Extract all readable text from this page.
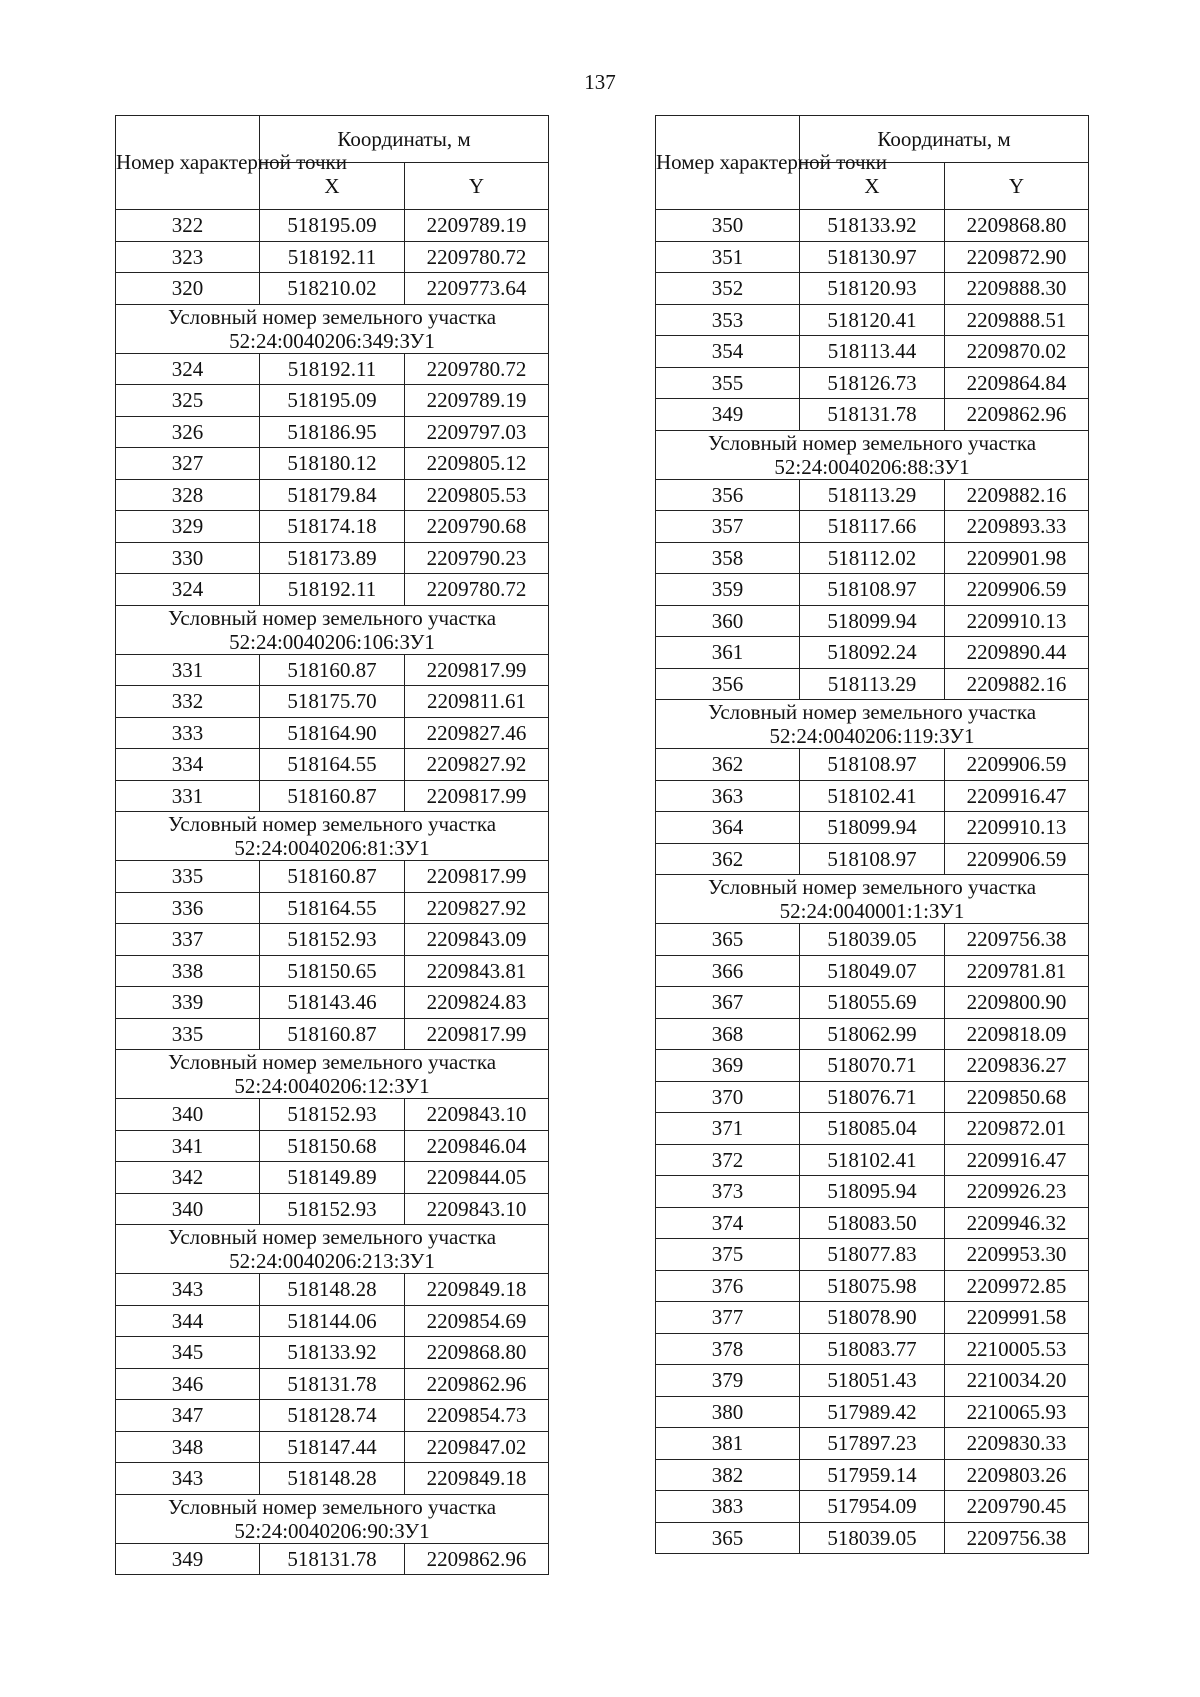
137
Номер характерной точки	Координаты, м	
	X	Y
322	518195.09	2209789.19
323	518192.11	2209780.72
320	518210.02	2209773.64

Условный номер земельного участка
52:24:0040206:349:ЗУ1		

324	518192.11	2209780.72
325	518195.09	2209789.19
326	518186.95	2209797.03
327	518180.12	2209805.12
328	518179.84	2209805.53
329	518174.18	2209790.68
330	518173.89	2209790.23
324	518192.11	2209780.72

Условный номер земельного участка
52:24:0040206:106:ЗУ1		

331	518160.87	2209817.99
332	518175.70	2209811.61
333	518164.90	2209827.46
334	518164.55	2209827.92
331	518160.87	2209817.99

Условный номер земельного участка
52:24:0040206:81:ЗУ1		

335	518160.87	2209817.99
336	518164.55	2209827.92
337	518152.93	2209843.09
338	518150.65	2209843.81
339	518143.46	2209824.83
335	518160.87	2209817.99

Условный номер земельного участка
52:24:0040206:12:ЗУ1		

340	518152.93	2209843.10
341	518150.68	2209846.04
342	518149.89	2209844.05
340	518152.93	2209843.10

Условный номер земельного участка
52:24:0040206:213:ЗУ1		

343	518148.28	2209849.18
344	518144.06	2209854.69
345	518133.92	2209868.80
346	518131.78	2209862.96
347	518128.74	2209854.73
348	518147.44	2209847.02
343	518148.28	2209849.18

Условный номер земельного участка
52:24:0040206:90:ЗУ1		

349	518131.78	2209862.96
Номер характерной точки	Координаты, м	
	X	Y
350	518133.92	2209868.80
351	518130.97	2209872.90
352	518120.93	2209888.30
353	518120.41	2209888.51
354	518113.44	2209870.02
355	518126.73	2209864.84
349	518131.78	2209862.96

Условный номер земельного участка
52:24:0040206:88:ЗУ1		

356	518113.29	2209882.16
357	518117.66	2209893.33
358	518112.02	2209901.98
359	518108.97	2209906.59
360	518099.94	2209910.13
361	518092.24	2209890.44
356	518113.29	2209882.16

Условный номер земельного участка
52:24:0040206:119:ЗУ1		

362	518108.97	2209906.59
363	518102.41	2209916.47
364	518099.94	2209910.13
362	518108.97	2209906.59

Условный номер земельного участка
52:24:0040001:1:ЗУ1		

365	518039.05	2209756.38
366	518049.07	2209781.81
367	518055.69	2209800.90
368	518062.99	2209818.09
369	518070.71	2209836.27
370	518076.71	2209850.68
371	518085.04	2209872.01
372	518102.41	2209916.47
373	518095.94	2209926.23
374	518083.50	2209946.32
375	518077.83	2209953.30
376	518075.98	2209972.85
377	518078.90	2209991.58
378	518083.77	2210005.53
379	518051.43	2210034.20
380	517989.42	2210065.93
381	517897.23	2209830.33
382	517959.14	2209803.26
383	517954.09	2209790.45
365	518039.05	2209756.38
